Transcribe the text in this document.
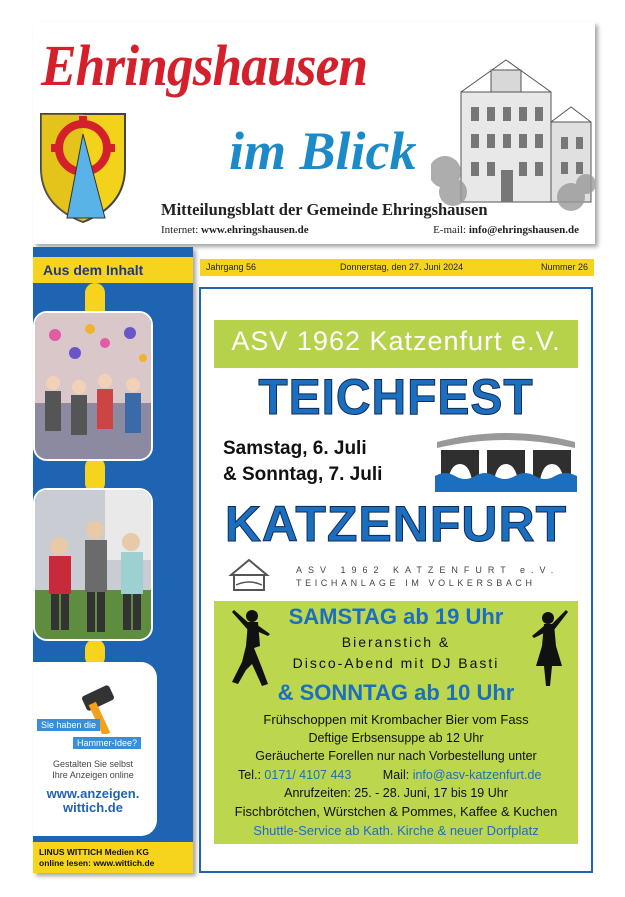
Ehringshausen
im Blick
Mitteilungsblatt der Gemeinde Ehringshausen
Internet: www.ehringshausen.de	E-mail: info@ehringshausen.de
Aus dem Inhalt
Sie haben die
Hammer-Idee?
Gestalten Sie selbst
Ihre Anzeigen online
www.anzeigen.
wittich.de
LINUS WITTICH Medien KG
online lesen: www.wittich.de
Jahrgang 56	Donnerstag, den 27. Juni 2024	Nummer 26
ASV 1962 Katzenfurt e.V.
TEICHFEST
Samstag, 6. Juli
& Sonntag, 7. Juli
KATZENFURT
ASV 1962 KATZENFURT e.V.
TEICHANLAGE IM VOLKERSBACH
SAMSTAG ab 19 Uhr
Bieranstich &
Disco-Abend mit DJ Basti
& SONNTAG ab 10 Uhr
Frühschoppen mit Krombacher Bier vom Fass
Deftige Erbsensuppe ab 12 Uhr
Geräucherte Forellen nur nach Vorbestellung unter
Tel.: 0171/ 4107 443	Mail: info@asv-katzenfurt.de
Anrufzeiten: 25. - 28. Juni, 17 bis 19 Uhr
Fischbrötchen, Würstchen & Pommes, Kaffee & Kuchen
Shuttle-Service ab Kath. Kirche & neuer Dorfplatz
